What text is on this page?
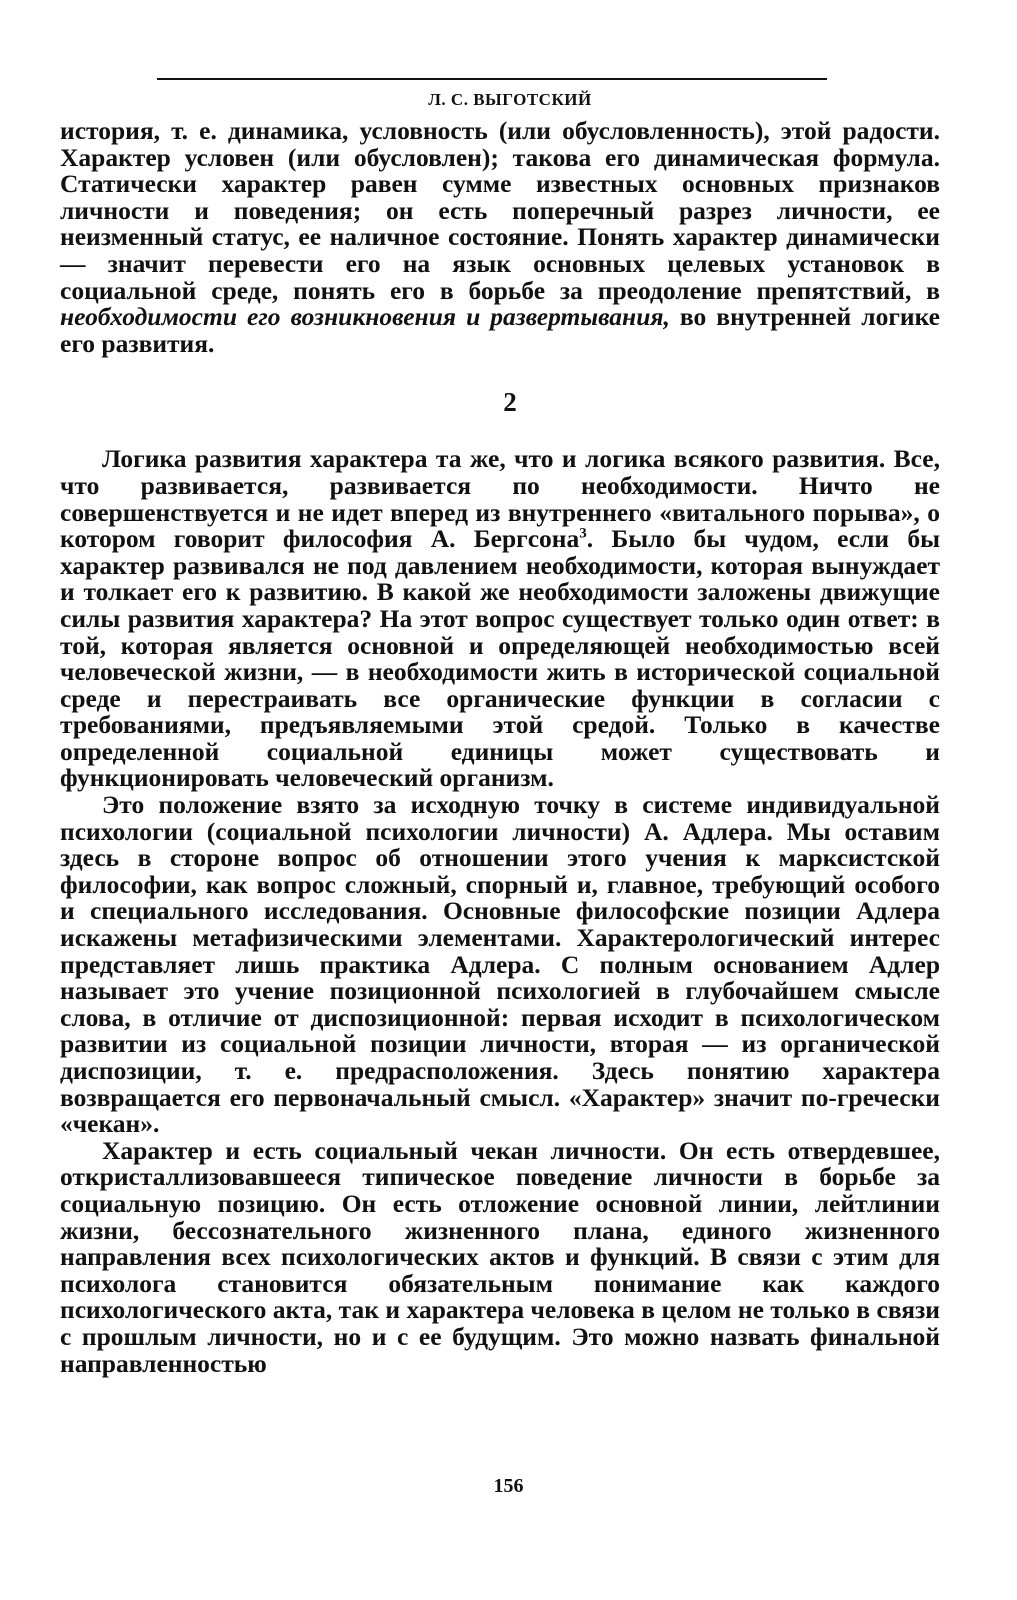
Л. С. ВЫГОТСКИЙ

история, т. е. динамика, условность (или обусловленность), этой радости. Характер условен (или обусловлен); такова его динамическая формула. Статически характер равен сумме известных основных признаков личности и поведения; он есть поперечный разрез личности, ее неизменный статус, ее наличное состояние. Понять характер динамически — значит перевести его на язык основных целевых установок в социальной среде, понять его в борьбе за преодоление препятствий, в необходимости его возникновения и развертывания, во внутренней логике его развития.

2

Логика развития характера та же, что и логика всякого развития. Все, что развивается, развивается по необходимости. Ничто не совершенствуется и не идет вперед из внутреннего «витального порыва», о котором говорит философия А. Бергсона$^3$. Было бы чудом, если бы характер развивался не под давлением необходимости, которая вынуждает и толкает его к развитию. В какой же необходимости заложены движущие силы развития характера? На этот вопрос существует только один ответ: в той, которая является основной и определяющей необходимостью всей человеческой жизни, — в необходимости жить в исторической социальной среде и перестраивать все органические функции в согласии с требованиями, предъявляемыми этой средой. Только в качестве определенной социальной единицы может существовать и функционировать человеческий организм.

Это положение взято за исходную точку в системе индивидуальной психологии (социальной психологии личности) А. Адлера. Мы оставим здесь в стороне вопрос об отношении этого учения к марксистской философии, как вопрос сложный, спорный и, главное, требующий особого и специального исследования. Основные философские позиции Адлера искажены метафизическими элементами. Характерологический интерес представляет лишь практика Адлера. С полным основанием Адлер называет это учение позиционной психологией в глубочайшем смысле слова, в отличие от диспозиционной: первая исходит в психологическом развитии из социальной позиции личности, вторая — из органической диспозиции, т. е. предрасположения. Здесь понятию характера возвращается его первоначальный смысл. «Характер» значит по-гречески «чекан».

Характер и есть социальный чекан личности. Он есть отвердевшее, откристаллизовавшееся типическое поведение личности в борьбе за социальную позицию. Он есть отложение основной линии, лейтлинии жизни, бессознательного жизненного плана, единого жизненного направления всех психологических актов и функций. В связи с этим для психолога становится обязательным понимание как каждого психологического акта, так и характера человека в целом не только в связи с прошлым личности, но и с ее будущим. Это можно назвать финальной направленностью

156
